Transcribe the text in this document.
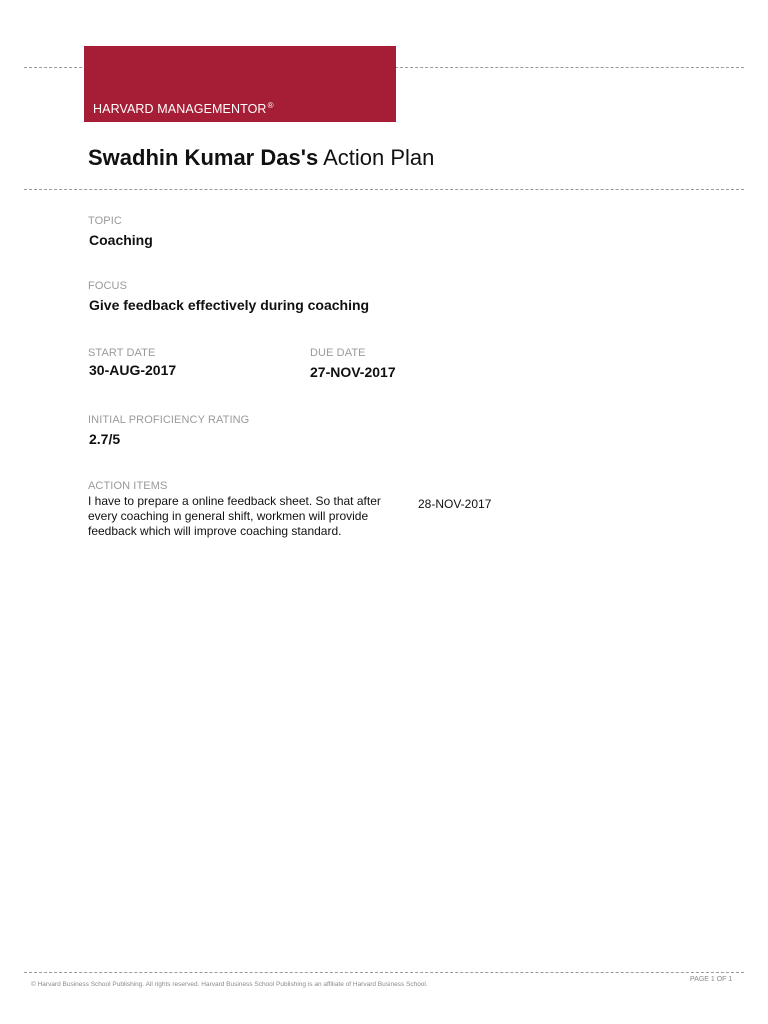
HARVARD MANAGEMENTOR®
Swadhin Kumar Das's Action Plan
TOPIC
Coaching
FOCUS
Give feedback effectively during coaching
START DATE
30-AUG-2017
DUE DATE
27-NOV-2017
INITIAL PROFICIENCY RATING
2.7/5
ACTION ITEMS
I have to prepare a online feedback sheet. So that after every coaching in general shift, workmen will provide feedback which will improve coaching standard.
28-NOV-2017
© Harvard Business School Publishing. All rights reserved. Harvard Business School Publishing is an affiliate of Harvard Business School.
PAGE 1 OF 1
